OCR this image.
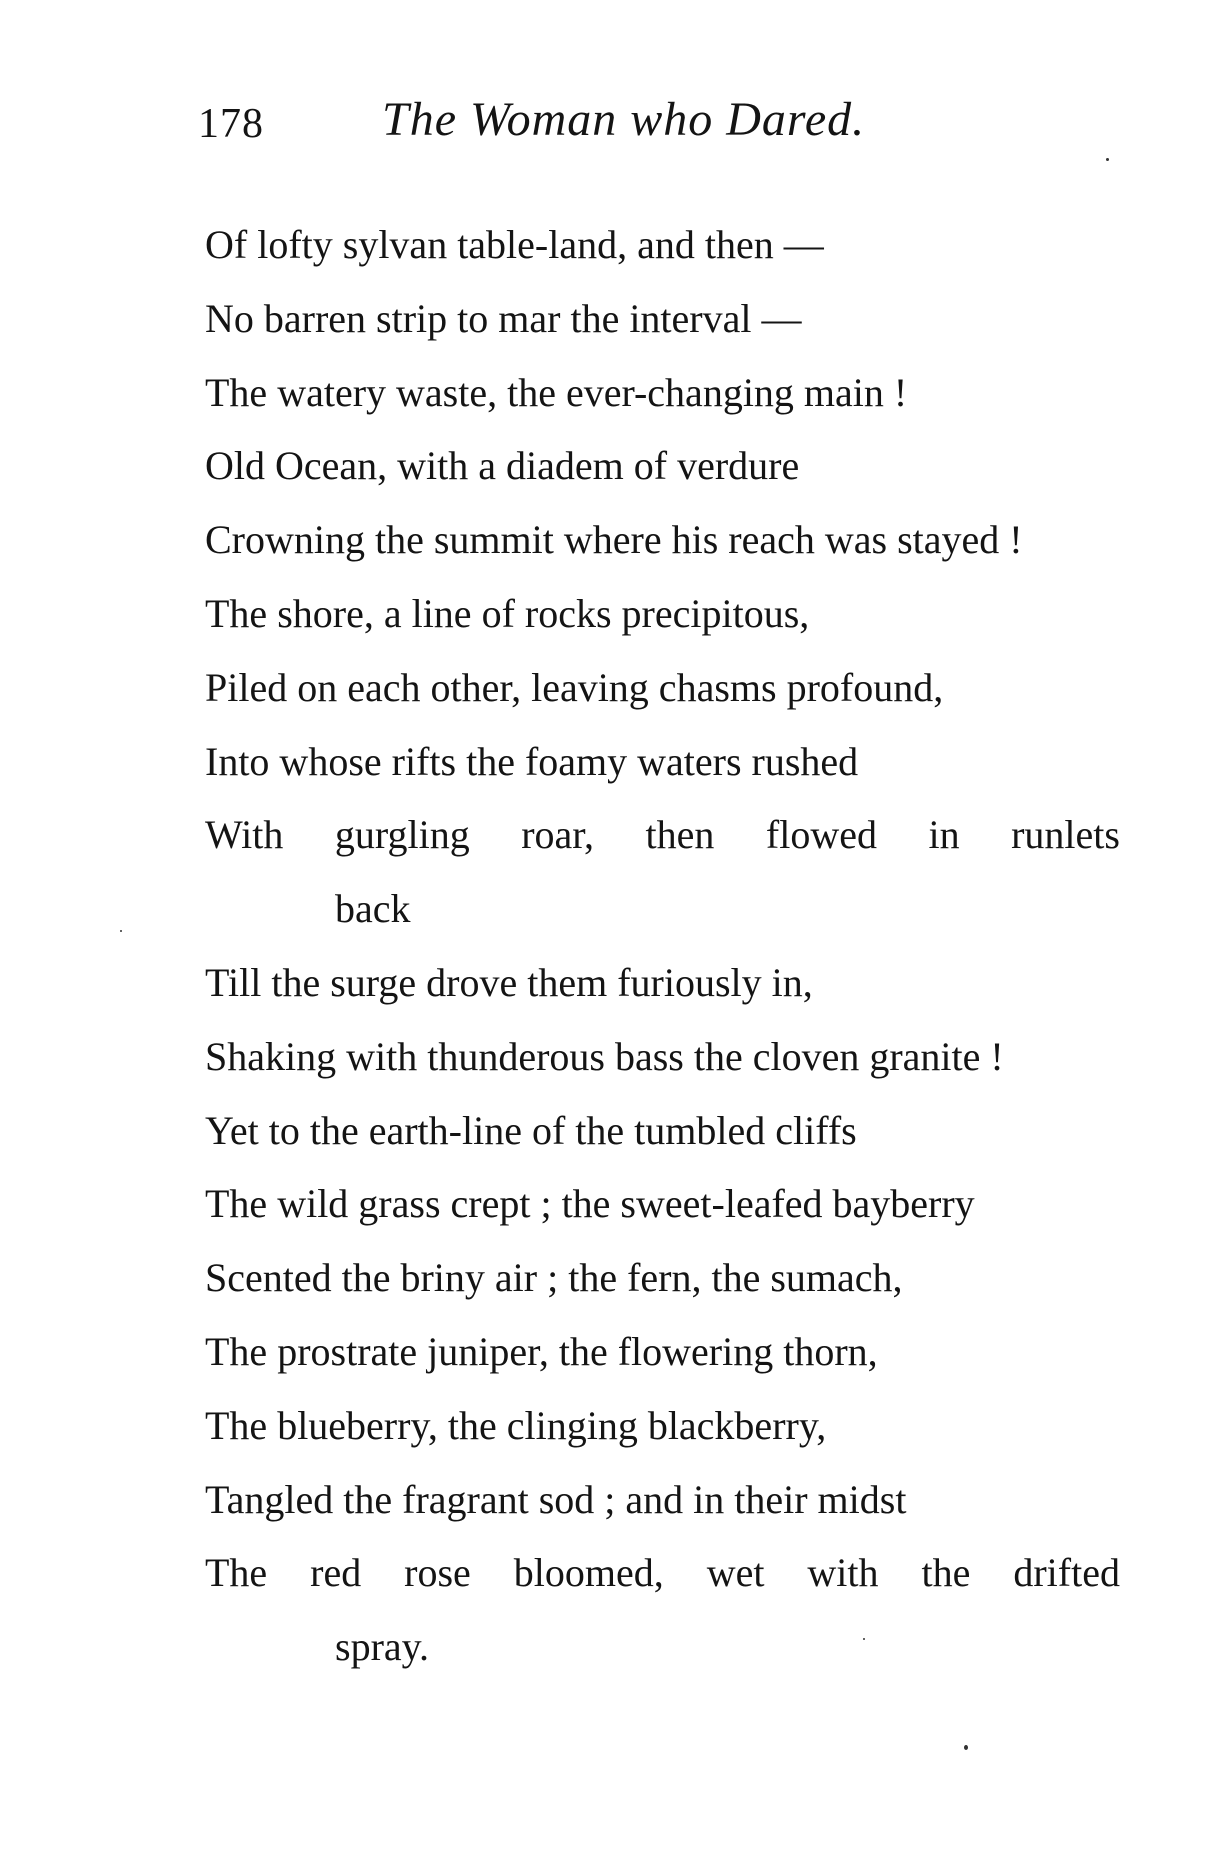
178 The Woman who Dared.
Of lofty sylvan table-land, and then —
No barren strip to mar the interval —
The watery waste, the ever-changing main !
Old Ocean, with a diadem of verdure
Crowning the summit where his reach was stayed !
The shore, a line of rocks precipitous,
Piled on each other, leaving chasms profound,
Into whose rifts the foamy waters rushed
With gurgling roar, then flowed in runlets
back
Till the surge drove them furiously in,
Shaking with thunderous bass the cloven granite !
Yet to the earth-line of the tumbled cliffs
The wild grass crept ; the sweet-leafed bayberry
Scented the briny air ; the fern, the sumach,
The prostrate juniper, the flowering thorn,
The blueberry, the clinging blackberry,
Tangled the fragrant sod ; and in their midst
The red rose bloomed, wet with the drifted
spray.
